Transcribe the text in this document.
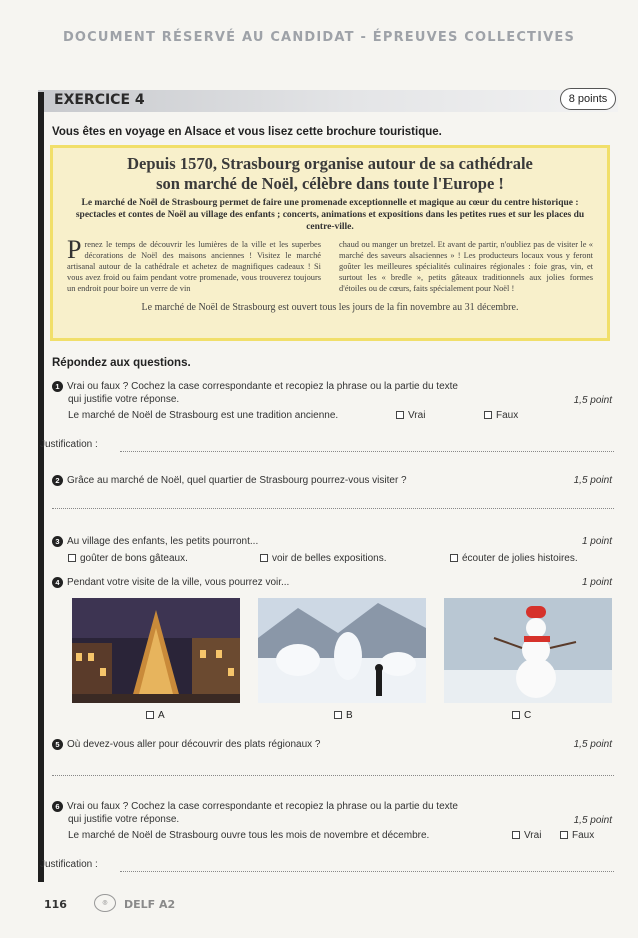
DOCUMENT RÉSERVÉ AU CANDIDAT - ÉPREUVES COLLECTIVES
EXERCICE 4	8 points
Vous êtes en voyage en Alsace et vous lisez cette brochure touristique.
Depuis 1570, Strasbourg organise autour de sa cathédrale
son marché de Noël, célèbre dans toute l'Europe !
Le marché de Noël de Strasbourg permet de faire une promenade exceptionnelle et magique au cœur du centre historique : spectacles et contes de Noël au village des enfants ; concerts, animations et expositions dans les petites rues et sur les places du centre-ville.
P renez le temps de découvrir les lumières de la ville et les superbes décorations de Noël des maisons anciennes ! Visitez le marché artisanal autour de la cathédrale et achetez de magnifiques cadeaux ! Si vous avez froid ou faim pendant votre promenade, vous trouverez toujours un endroit pour boire un verre de vin
chaud ou manger un bretzel. Et avant de partir, n'oubliez pas de visiter le « marché des saveurs alsaciennes » ! Les producteurs locaux vous y feront goûter les meilleures spécialités culinaires régionales : foie gras, vin, et surtout les « bredle », petits gâteaux traditionnels aux jolies formes d'étoiles ou de cœurs, faits spécialement pour Noël !
Le marché de Noël de Strasbourg est ouvert tous les jours de la fin novembre au 31 décembre.
Répondez aux questions.
1 Vrai ou faux ? Cochez la case correspondante et recopiez la phrase ou la partie du texte
qui justifie votre réponse.	1,5 point
Le marché de Noël de Strasbourg est une tradition ancienne.	Vrai	Faux
Justification :
2 Grâce au marché de Noël, quel quartier de Strasbourg pourrez-vous visiter ?	1,5 point
3 Au village des enfants, les petits pourront...	1 point
goûter de bons gâteaux.	voir de belles expositions.	écouter de jolies histoires.
4 Pendant votre visite de la ville, vous pourrez voir...	1 point
A	B	C
5 Où devez-vous aller pour découvrir des plats régionaux ?	1,5 point
6 Vrai ou faux ? Cochez la case correspondante et recopiez la phrase ou la partie du texte
qui justifie votre réponse.	1,5 point
Le marché de Noël de Strasbourg ouvre tous les mois de novembre et décembre.	Vrai	Faux
Justification :
116	◎	DELF A2
